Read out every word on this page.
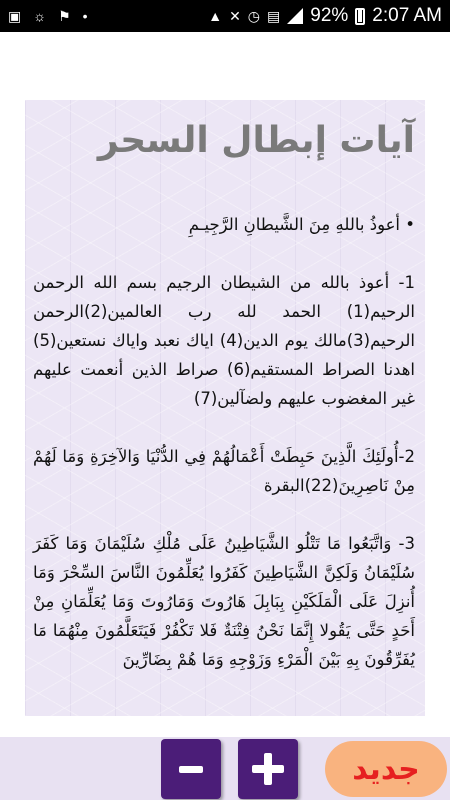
▣ ☼ ⚑ •	▲ ✕ ◷ ▤ 92% 2:07 AM
آيات إبطال السحر

• أعوذُ باللهِ مِنَ الشَّيطانِ الرَّجِيـمِ

1- أعوذ بالله من الشيطان الرجيم بسم الله الرحمن الرحيم(1) الحمد لله رب العالمين(2)الرحمن الرحيم(3)مالك يوم الدين(4) اياك نعبد واياك نستعين(5) اهدنا الصراط المستقيم(6) صراط الذين أنعمت عليهم غير المغضوب عليهم ولضآلين(7)

2-أُولَئِكَ الَّذِينَ حَبِطَتْ أَعْمَالُهُمْ فِي الدُّنْيَا وَالآخِرَةِ وَمَا لَهُمْ مِنْ نَاصِرِينَ(22)البقرة

3- وَاتَّبَعُوا مَا تَتْلُو الشَّيَاطِينُ عَلَى مُلْكِ سُلَيْمَانَ وَمَا كَفَرَ سُلَيْمَانُ وَلَكِنَّ الشَّيَاطِينَ كَفَرُوا يُعَلِّمُونَ النَّاسَ السِّحْرَ وَمَا أُنزِلَ عَلَى الْمَلَكَيْنِ بِبَابِلَ هَارُوتَ وَمَارُوتَ وَمَا يُعَلِّمَانِ مِنْ أَحَدٍ حَتَّى يَقُولا إِنَّمَا نَحْنُ فِتْنَةٌ فَلا تَكْفُرْ فَيَتَعَلَّمُونَ مِنْهُمَا مَا يُفَرِّقُونَ بِهِ بَيْنَ الْمَرْءِ وَزَوْجِهِ وَمَا هُمْ بِضَارِّينَ

جديد
